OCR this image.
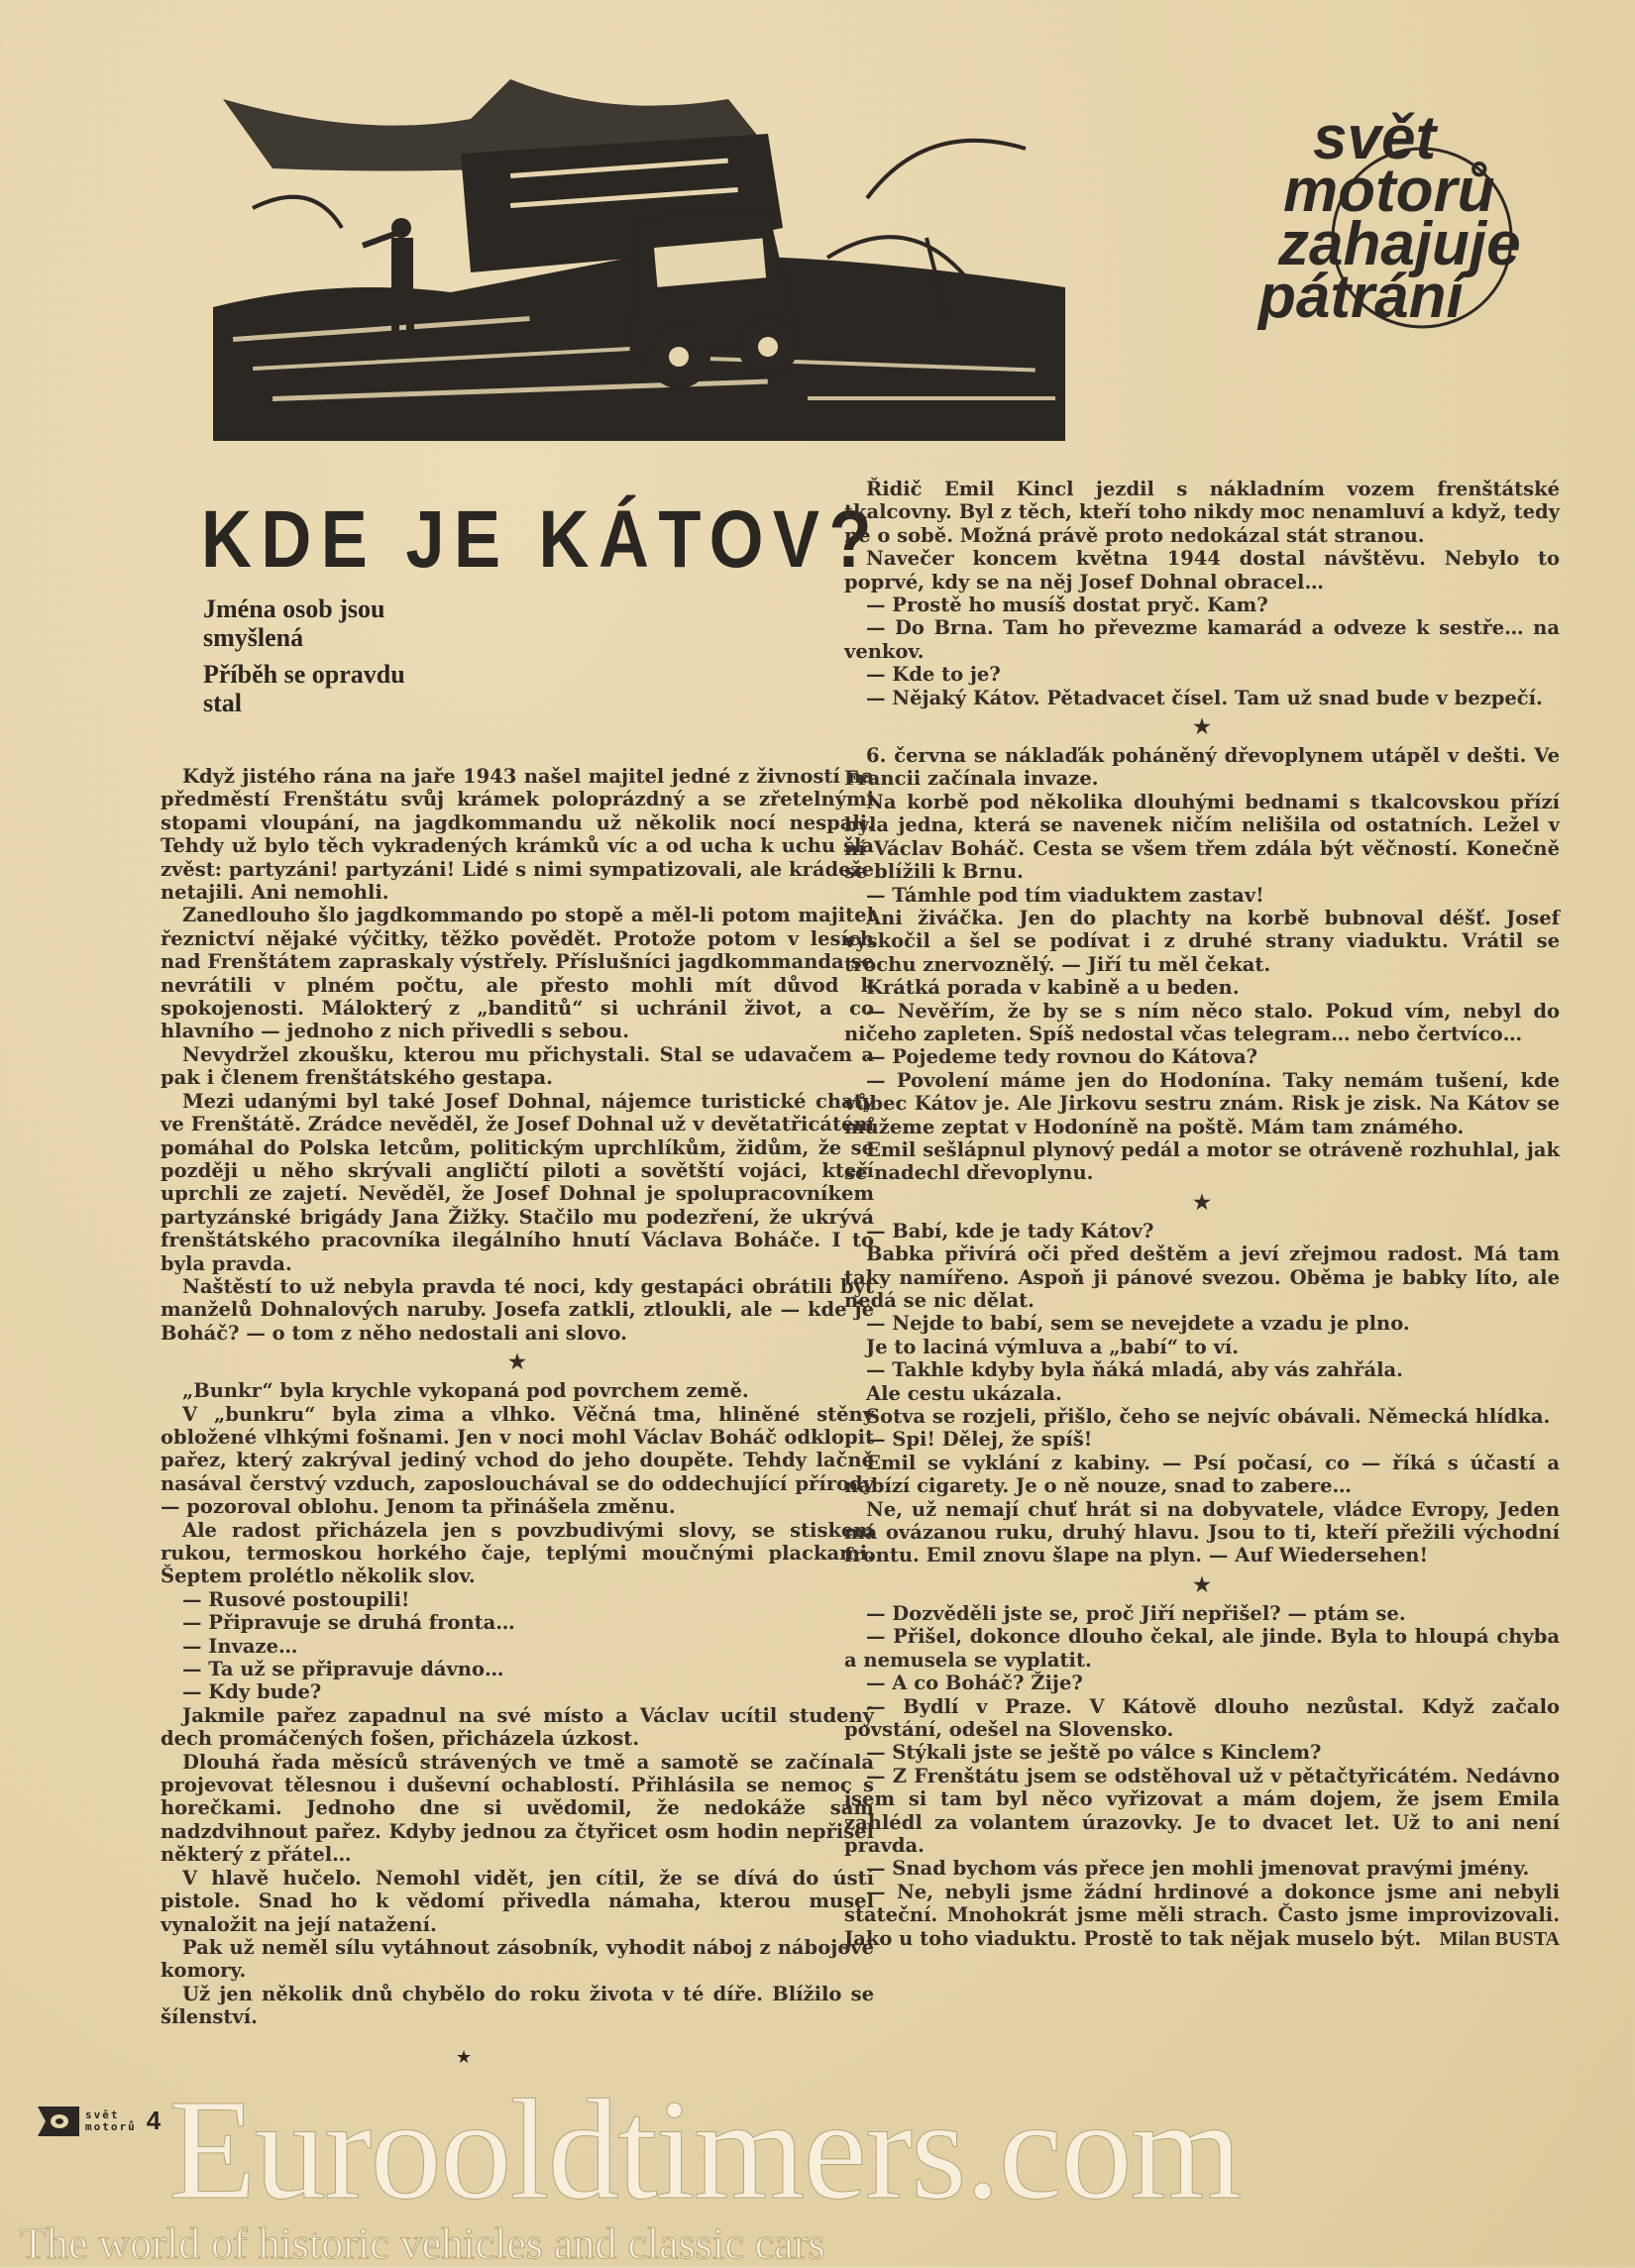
svět
motorů
zahajuje
pátrání
KDE JE KÁTOV?
Jména osob jsou smyšlená
Příběh se opravdu stal

Když jistého rána na jaře 1943 našel majitel jedné z živností na předměstí Frenštátu svůj krámek poloprázdný a se zřetelnými stopami vloupání, na jagdkommandu už několik nocí nespali. Tehdy už bylo těch vykradených krámků víc a od ucha k uchu šla zvěst: partyzáni! partyzáni! Lidé s nimi sympatizovali, ale krádeže netajili. Ani nemohli.

Zanedlouho šlo jagdkommando po stopě a měl-li potom majitel řeznictví nějaké výčitky, těžko povědět. Protože potom v lesích nad Frenštátem zapraskaly výstřely. Příslušníci jagdkommanda se nevrátili v plném počtu, ale přesto mohli mít důvod k spokojenosti. Málokterý z „banditů“ si uchránil život, a co hlavního — jednoho z nich přivedli s sebou.

Nevydržel zkoušku, kterou mu přichystali. Stal se udavačem a pak i členem frenštátského gestapa.

Mezi udanými byl také Josef Dohnal, nájemce turistické chaty ve Frenštátě. Zrádce nevěděl, že Josef Dohnal už v devětatřicátém pomáhal do Polska letcům, politickým uprchlíkům, židům, že se později u něho skrývali angličtí piloti a sovětští vojáci, kteří uprchli ze zajetí. Nevěděl, že Josef Dohnal je spolupracovníkem partyzánské brigády Jana Žižky. Stačilo mu podezření, že ukrývá frenštátského pracovníka ilegálního hnutí Václava Boháče. I to byla pravda.

Naštěstí to už nebyla pravda té noci, kdy gestapáci obrátili byt manželů Dohnalových naruby. Josefa zatkli, ztloukli, ale — kde je Boháč? — o tom z něho nedostali ani slovo.

★

„Bunkr“ byla krychle vykopaná pod povrchem země.

V „bunkru“ byla zima a vlhko. Věčná tma, hliněné stěny obložené vlhkými fošnami. Jen v noci mohl Václav Boháč odklopit pařez, který zakrýval jediný vchod do jeho doupěte. Tehdy lačně nasával čerstvý vzduch, zaposlouchával se do oddechující přírody — pozoroval oblohu. Jenom ta přinášela změnu.

Ale radost přicházela jen s povzbudivými slovy, se stiskem rukou, termoskou horkého čaje, teplými moučnými plackami. Šeptem prolétlo několik slov.

— Rusové postoupili!

— Připravuje se druhá fronta…

— Invaze…

— Ta už se připravuje dávno…

— Kdy bude?

Jakmile pařez zapadnul na své místo a Václav ucítil studený dech promáčených fošen, přicházela úzkost.

Dlouhá řada měsíců strávených ve tmě a samotě se začínala projevovat tělesnou i duševní ochablostí. Přihlásila se nemoc s horečkami. Jednoho dne si uvědomil, že nedokáže sám nadzdvihnout pařez. Kdyby jednou za čtyřicet osm hodin nepřišel některý z přátel…

V hlavě hučelo. Nemohl vidět, jen cítil, že se dívá do ústí pistole. Snad ho k vědomí přivedla námaha, kterou musel vynaložit na její natažení.

Pak už neměl sílu vytáhnout zásobník, vyhodit náboj z nábojové komory.

Už jen několik dnů chybělo do roku života v té díře. Blížilo se šílenství.

Řidič Emil Kincl jezdil s nákladním vozem frenštátské tkalcovny. Byl z těch, kteří toho nikdy moc nenamluví a když, tedy ne o sobě. Možná právě proto nedokázal stát stranou.

Navečer koncem května 1944 dostal návštěvu. Nebylo to poprvé, kdy se na něj Josef Dohnal obracel…

— Prostě ho musíš dostat pryč. Kam?

— Do Brna. Tam ho převezme kamarád a odveze k sestře… na venkov.

— Kde to je?

— Nějaký Kátov. Pětadvacet čísel. Tam už snad bude v bezpečí.

★

6. června se náklaďák poháněný dřevoplynem utápěl v dešti. Ve Francii začínala invaze.

Na korbě pod několika dlouhými bednami s tkalcovskou přízí byla jedna, která se navenek ničím nelišila od ostatních. Ležel v ní Václav Boháč. Cesta se všem třem zdála být věčností. Konečně se blížili k Brnu.

— Támhle pod tím viaduktem zastav!

Ani živáčka. Jen do plachty na korbě bubnoval déšť. Josef vyskočil a šel se podívat i z druhé strany viaduktu. Vrátil se trochu znervoznělý. — Jiří tu měl čekat.

Krátká porada v kabině a u beden.

— Nevěřím, že by se s ním něco stalo. Pokud vím, nebyl do ničeho zapleten. Spíš nedostal včas telegram… nebo čertvíco…

— Pojedeme tedy rovnou do Kátova?

— Povolení máme jen do Hodonína. Taky nemám tušení, kde vůbec Kátov je. Ale Jirkovu sestru znám. Risk je zisk. Na Kátov se můžeme zeptat v Hodoníně na poště. Mám tam známého.

Emil sešlápnul plynový pedál a motor se otráveně rozhuhlal, jak se nadechl dřevoplynu.

★

— Babí, kde je tady Kátov?

Babka přivírá oči před deštěm a jeví zřejmou radost. Má tam taky namířeno. Aspoň ji pánové svezou. Oběma je babky líto, ale nedá se nic dělat.

— Nejde to babí, sem se nevejdete a vzadu je plno.

Je to laciná výmluva a „babí“ to ví.

— Takhle kdyby byla ňáká mladá, aby vás zahřála.

Ale cestu ukázala.

Sotva se rozjeli, přišlo, čeho se nejvíc obávali. Německá hlídka.

— Spi! Dělej, že spíš!

Emil se vyklání z kabiny. — Psí počasí, co — říká s účastí a nabízí cigarety. Je o ně nouze, snad to zabere…

Ne, už nemají chuť hrát si na dobyvatele, vládce Evropy, Jeden má ovázanou ruku, druhý hlavu. Jsou to ti, kteří přežili východní frontu. Emil znovu šlape na plyn. — Auf Wiedersehen!

★

— Dozvěděli jste se, proč Jiří nepřišel? — ptám se.

— Přišel, dokonce dlouho čekal, ale jinde. Byla to hloupá chyba a nemusela se vyplatit.

— A co Boháč? Žije?

— Bydlí v Praze. V Kátově dlouho nezůstal. Když začalo povstání, odešel na Slovensko.

— Stýkali jste se ještě po válce s Kinclem?

— Z Frenštátu jsem se odstěhoval už v pětačtyřicátém. Nedávno jsem si tam byl něco vyřizovat a mám dojem, že jsem Emila zahlédl za volantem úrazovky. Je to dvacet let. Už to ani není pravda.

— Snad bychom vás přece jen mohli jmenovat pravými jmény.

— Ne, nebyli jsme žádní hrdinové a dokonce jsme ani nebyli stateční. Mnohokrát jsme měli strach. Často jsme improvizovali. Jako u toho viaduktu. Prostě to tak nějak muselo být. Milan BUSTA
★
svět
motorů 4 Eurooldtimers.com
The world of historic vehicles and classic cars
